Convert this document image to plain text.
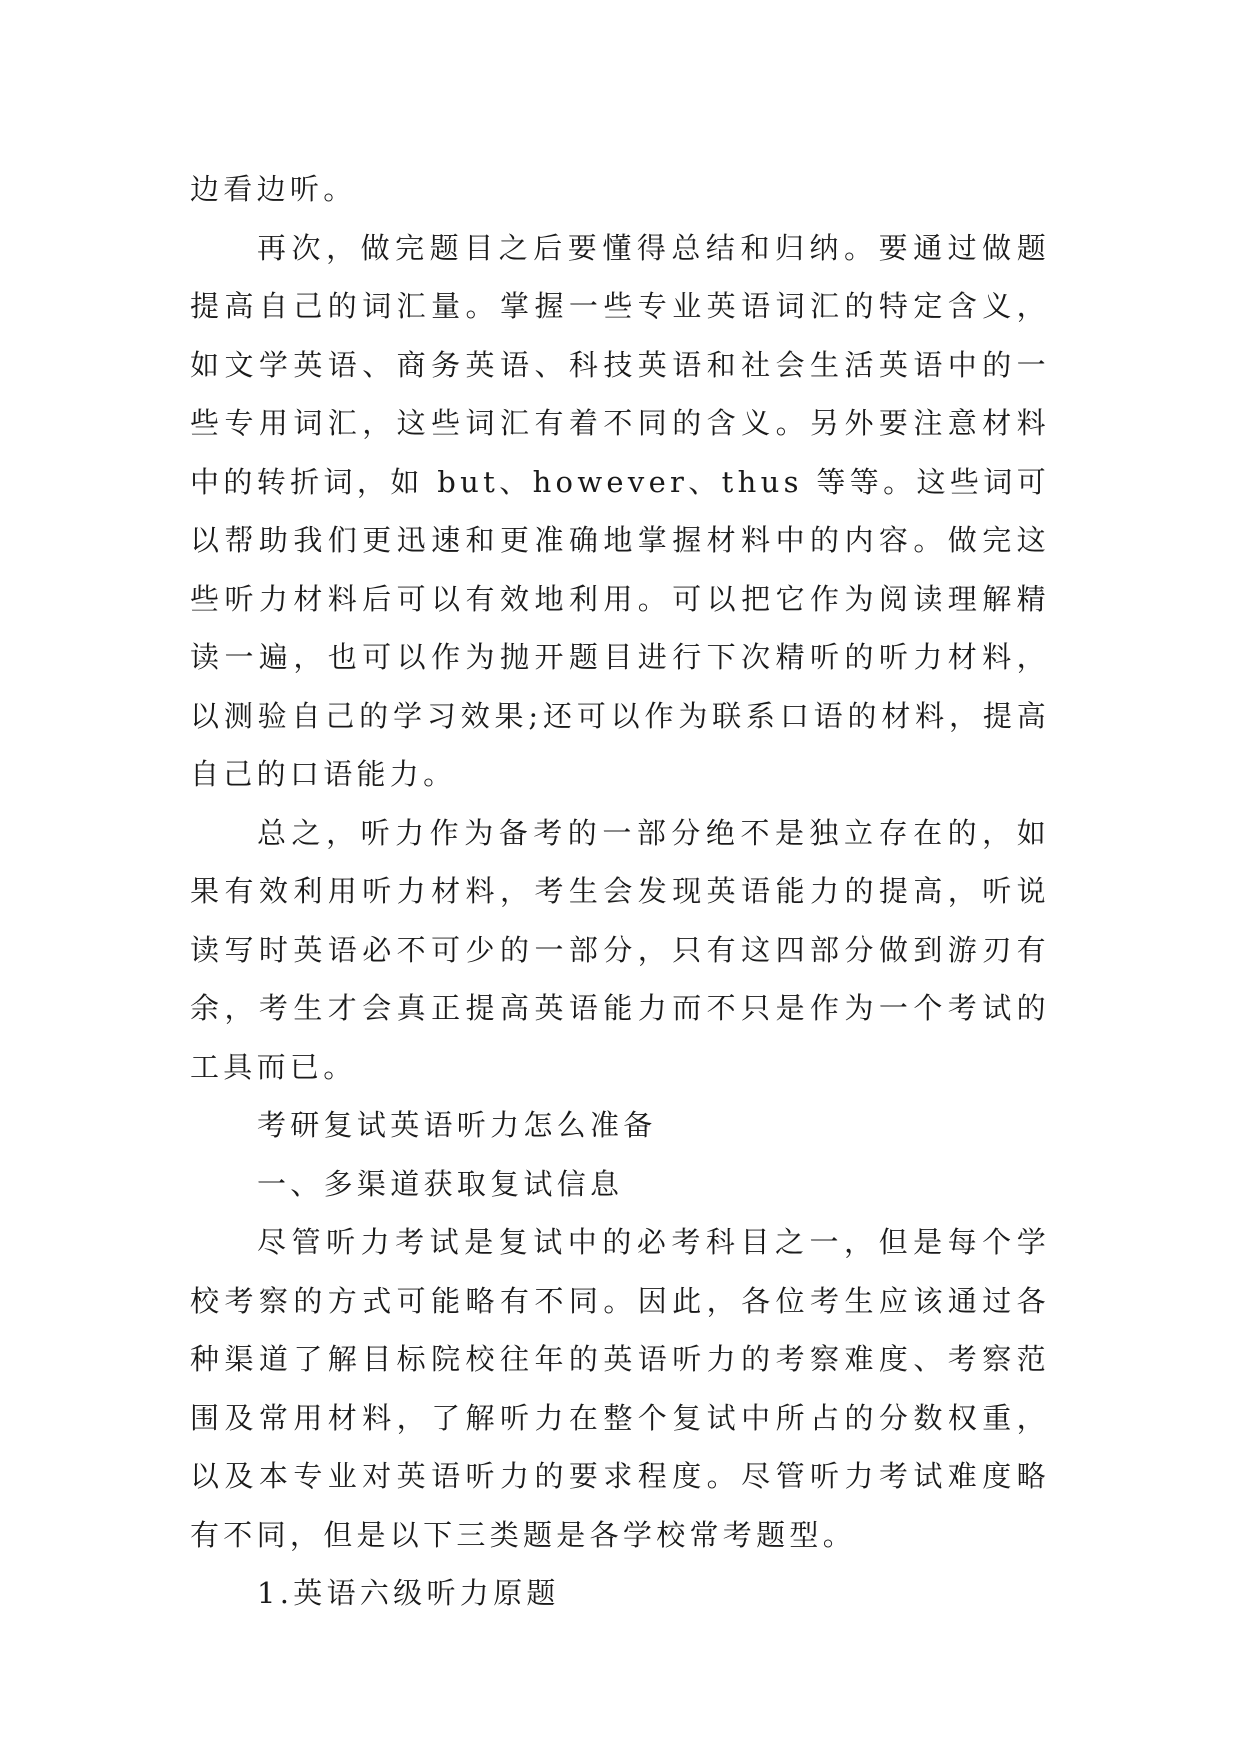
边看边听。

再次，做完题目之后要懂得总结和归纳。要通过做题提高自己的词汇量。掌握一些专业英语词汇的特定含义，如文学英语、商务英语、科技英语和社会生活英语中的一些专用词汇，这些词汇有着不同的含义。另外要注意材料中的转折词，如 but、however、thus 等等。这些词可以帮助我们更迅速和更准确地掌握材料中的内容。做完这些听力材料后可以有效地利用。可以把它作为阅读理解精读一遍，也可以作为抛开题目进行下次精听的听力材料，以测验自己的学习效果;还可以作为联系口语的材料，提高自己的口语能力。

总之，听力作为备考的一部分绝不是独立存在的，如果有效利用听力材料，考生会发现英语能力的提高，听说读写时英语必不可少的一部分，只有这四部分做到游刃有余，考生才会真正提高英语能力而不只是作为一个考试的工具而已。

考研复试英语听力怎么准备

一、多渠道获取复试信息

尽管听力考试是复试中的必考科目之一，但是每个学校考察的方式可能略有不同。因此，各位考生应该通过各种渠道了解目标院校往年的英语听力的考察难度、考察范围及常用材料，了解听力在整个复试中所占的分数权重，以及本专业对英语听力的要求程度。尽管听力考试难度略有不同，但是以下三类题是各学校常考题型。

1.英语六级听力原题
